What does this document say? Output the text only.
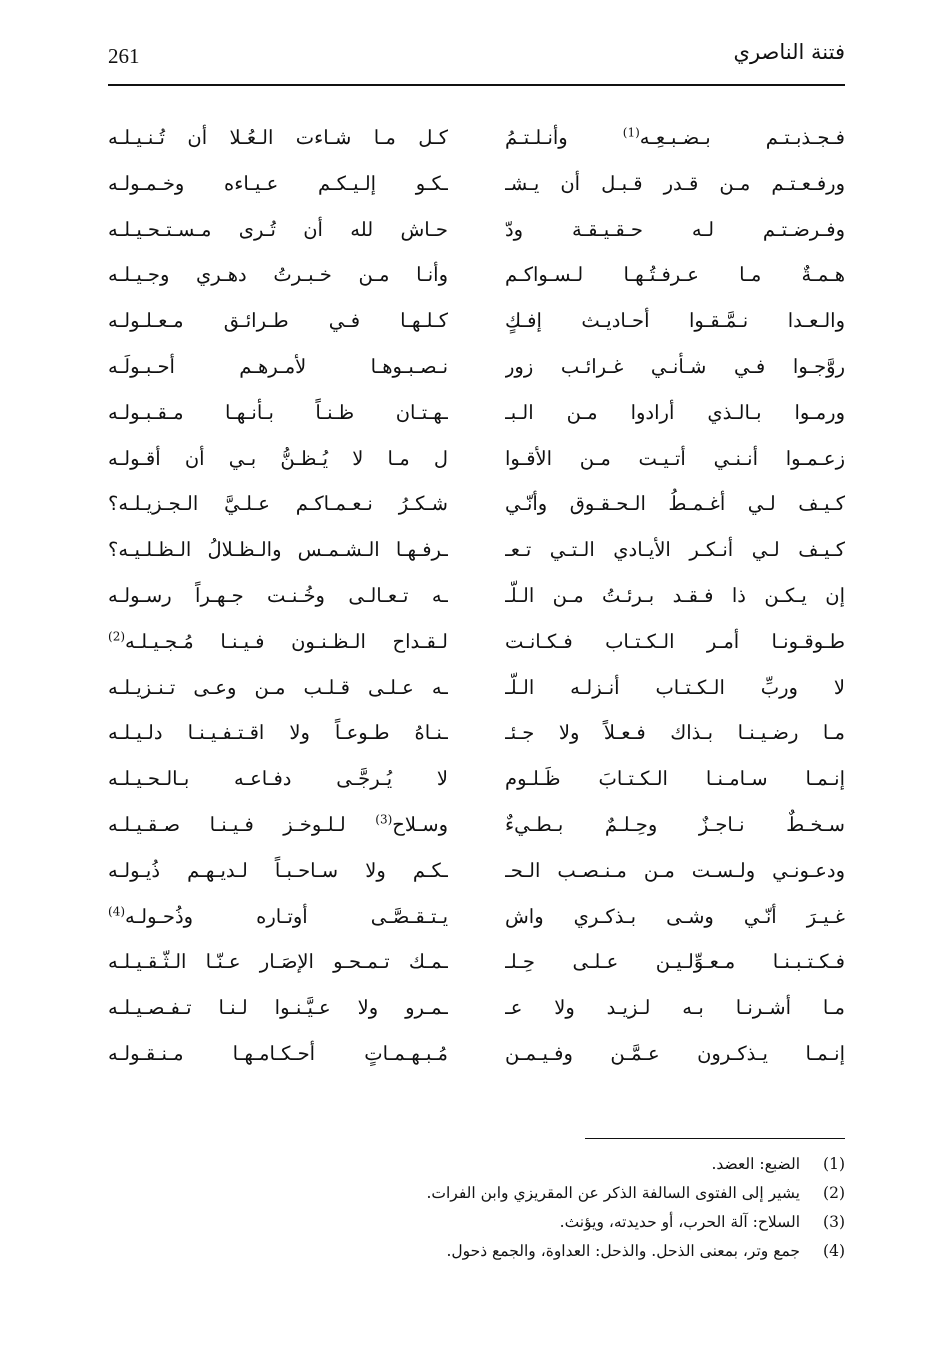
261	فتنة الناصري
فـجـذبـتـم بـضـبـعِـه$^{(1)}$ وأنـلـتـمُ
كـل مـا شـاءت الـعُـلا أن تُـنـيـلـه
ورفـعـتـم مـن قـدر قـبـل أن يـشـ
ـكـو إلـيـكـم عـيـاءه وخـمـولـه
وفـرضـتـم لـه حـقـيـقـة ودّ
حـاش لله أن تُـرى مـسـتـحـيـلـه
هـمـةٌ مـا عـرفـتُـهـا لـسـواكـم
وأنـا مـن خـبـرتُ دهـري وجـيـلـه
والـعـدا نـمَّـقـوا أحـاديـث إفـكٍ
كـلـهـا فـي طـرائـق مـعـلـولـه
روَّجـوا فـي شـأنـي غـرائـب زور
نـصـبـوهـا لأمـرهـم أحـبـولَـه
ورمـوا بـالـذي أرادوا مـن الـبـ
ـهـتـان ظـنـاً بـأنـهـا مـقـبـولـه
زعـمـوا أنـنـي أتـيـت مـن الأقـوا
ل مـا لا يُـظـنُّ بـي أن أقـولـه
كـيـف لـي أغـمـطُ الـحـقـوق وأنّـي
شـكـرُ نـعـمـاكـم عـلـيَّ الـجـزيـلـه؟
كـيـف لـي أنـكـر الأيـادي الـتـي تـعـ
ـرفـهـا الـشـمـس والـظـلالُ الـظـلـيـه؟
إن يـكـن ذا فـقـد بـرئـتُ مـن الـلّـ
ـه تـعـالـى وخُـنـت جـهـراً رسـولـه
طـوقـونـا أمـر الـكـتـاب فـكـانـت
لـقـداح الـظـنـون فـيـنـا مُـجـيـلـه$^{(2)}$
لا وربِّ الـكـتـاب أنـزلـه الـلّـ
ـه عـلـى قـلـب مـن وعـى تـنـزيـلـه
مـا رضـيـنـا بـذاك فـعـلاً ولا جـئـ
ـنـاهُ طـوعـاً ولا اقـتـفـيـنـا دلـيـلـه
إنـمـا سـامـنـا الـكـتـابَ ظَـلـوم
لا يُـرجَّـى دفـاعـه بـالـحـيـلـه
سـخـطٌ نـاجـزٌ وحِـلـمٌ بـطـيءٌ
وسـلاح$^{(3)}$ لـلـوخـز فـيـنـا صـقـيـلـه
ودعـونـي ولـسـت مـن مـنـصـب الـحـ
ـكـم ولا سـاحـبـاً لـديـهـم ذُيـولـه
غـيـرَ أنّـي وشـى بـذكـري واش
يـتـقـصَّـى أوتـاره وذُحـولـه$^{(4)}$
فـكـتـبـنـا مـعـوِّلـيـن عـلـى حِـلـ
ـمـك تـمـحـو الإصَـار عـنّـا الـثّـقـيـلـه
مـا أشـرنـا بـه لـزيـد ولا عـ
ـمـرو ولا عـيَّـنـوا لـنـا تـفـصـيـلـه
إنـمـا يـذكـرون عـمَّـن وفـيـمـن
مُـبـهـمـاتٍ أحـكـامـهـا مـنـقـولـه
(1)
الضبع: العضد.
(2)
يشير إلى الفتوى السالفة الذكر عن المقريزي وابن الفرات.
(3)
السلاح: آلة الحرب، أو حديدته، ويؤنث.
(4)
جمع وتر، بمعنى الذحل. والذحل: العداوة، والجمع ذحول.
